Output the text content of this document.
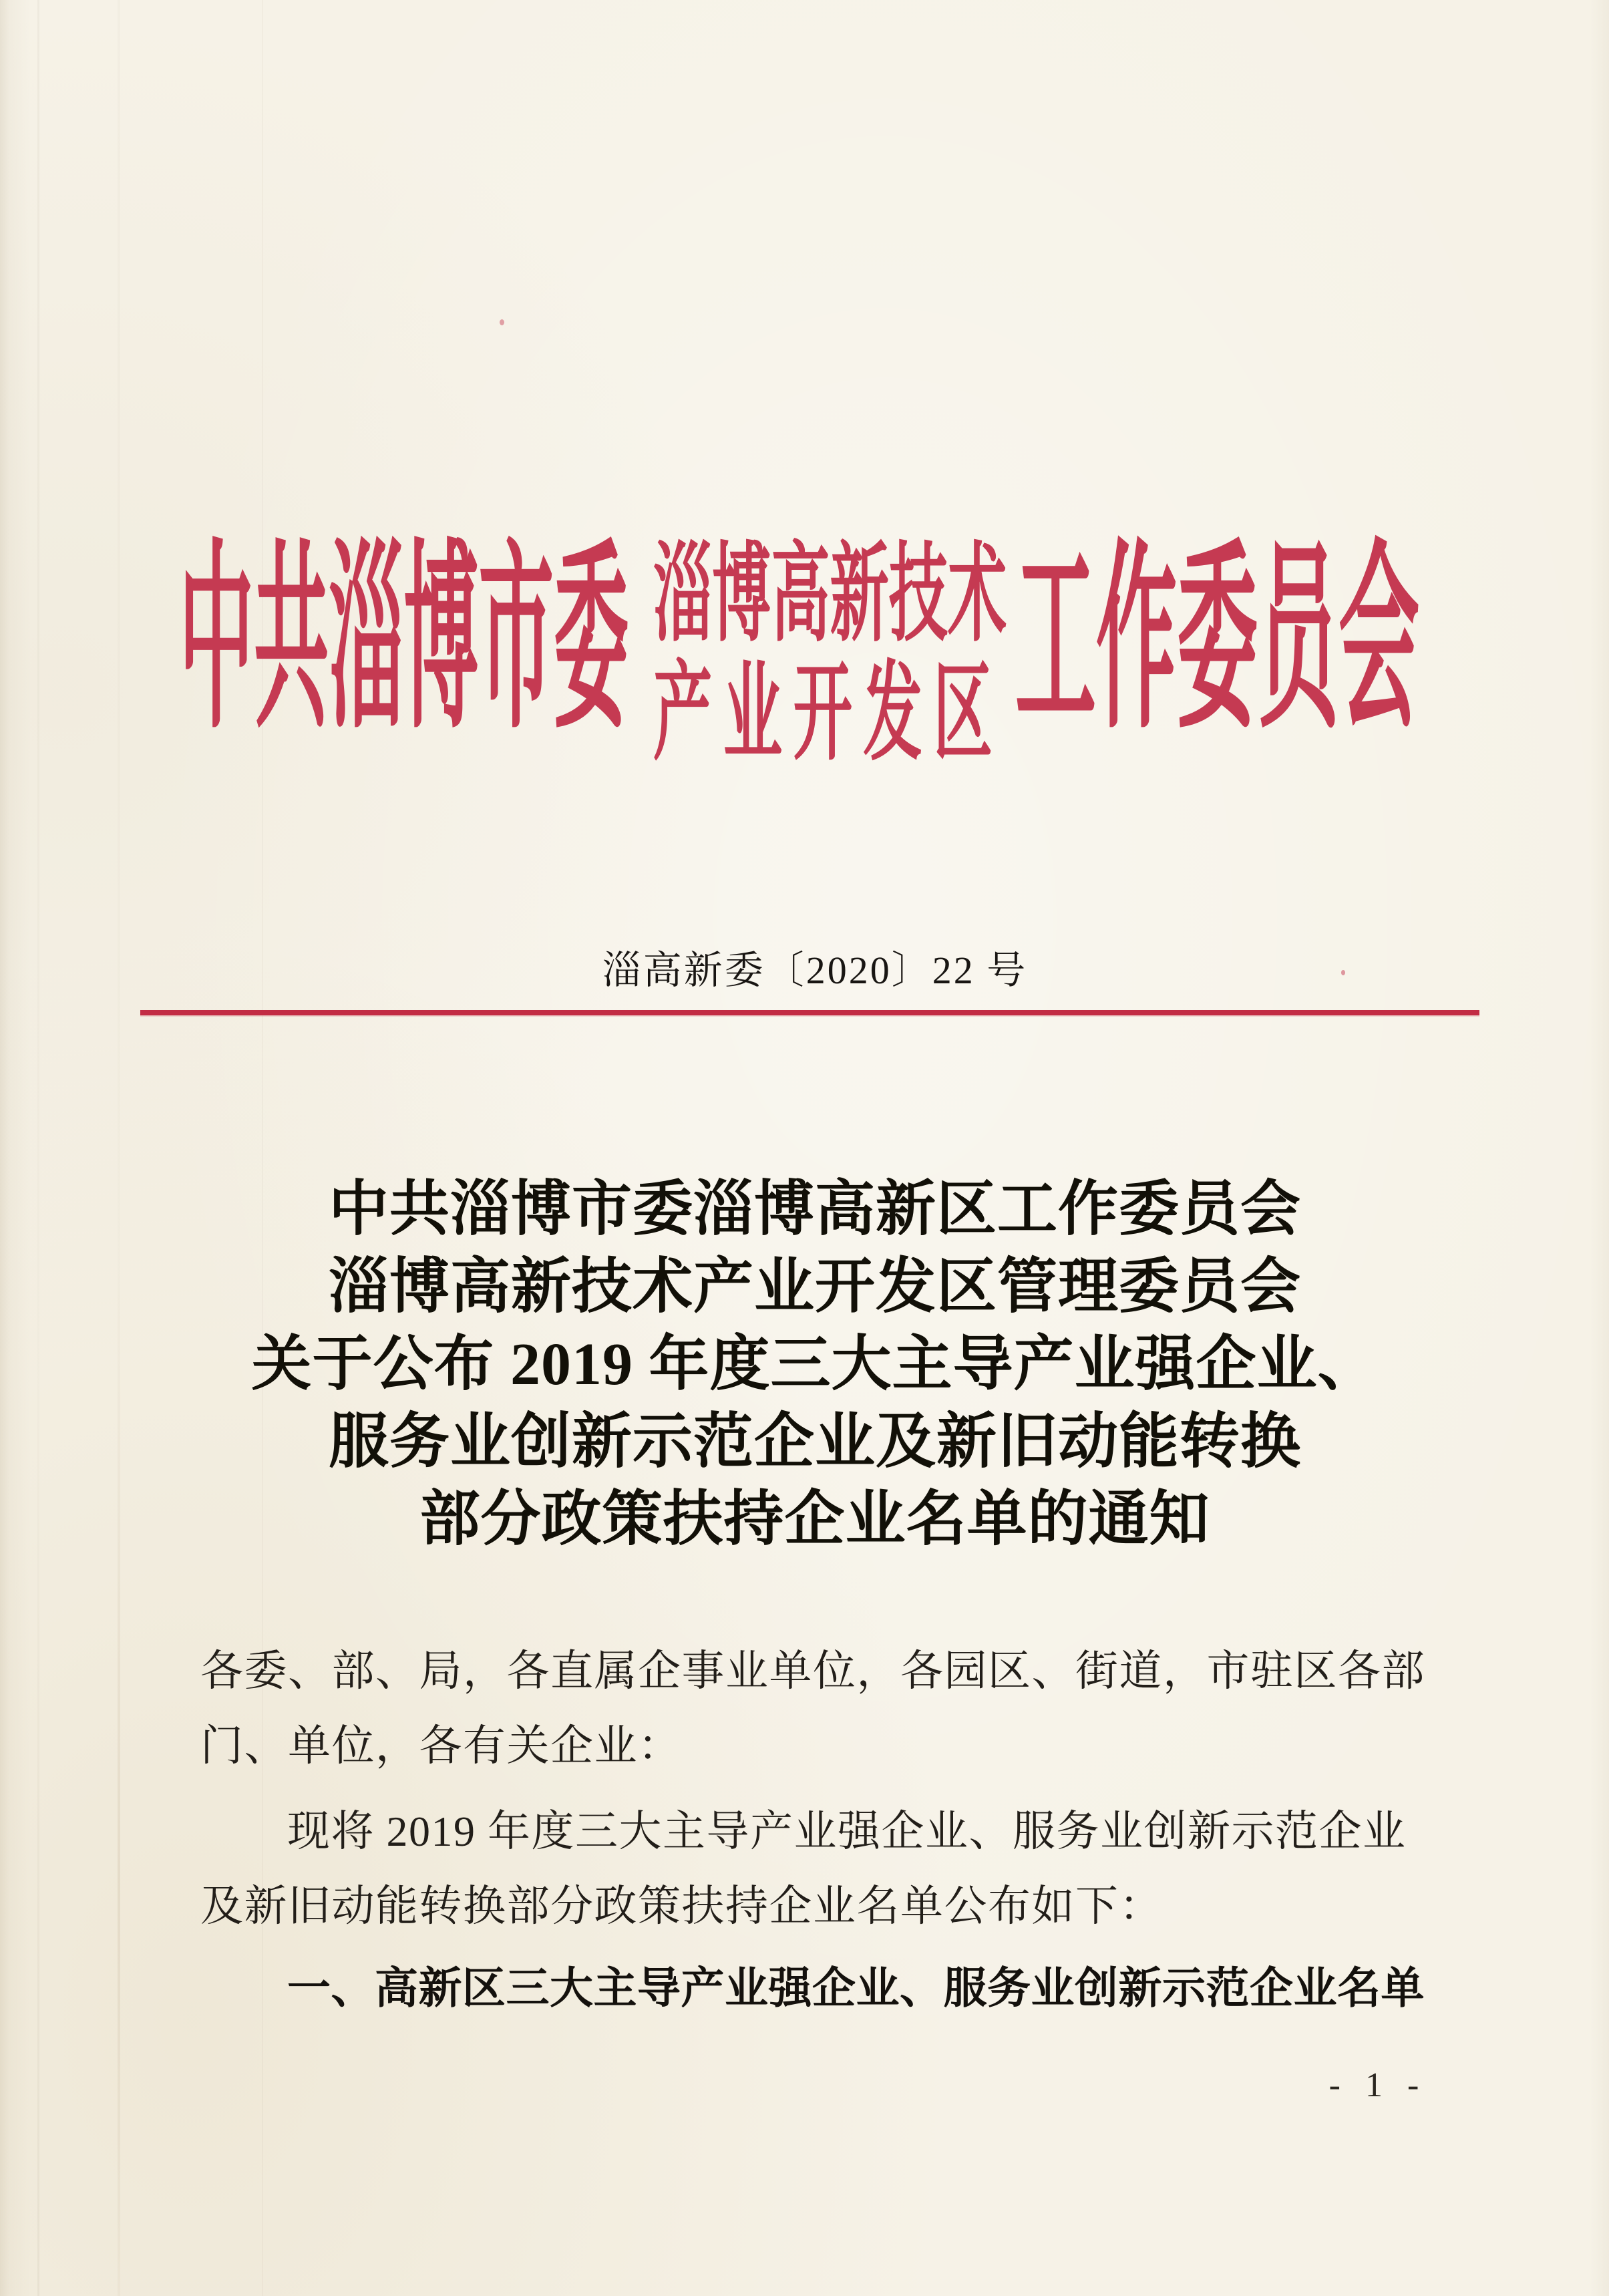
中共淄博市委 淄博高新技术
产业开发区 工作委员会
淄高新委〔2020〕22 号
中共淄博市委淄博高新区工作委员会
淄博高新技术产业开发区管理委员会
关于公布 2019 年度三大主导产业强企业、
服务业创新示范企业及新旧动能转换
部分政策扶持企业名单的通知
各委、部、局，各直属企事业单位，各园区、街道，市驻区各部
门、单位，各有关企业：
现将 2019 年度三大主导产业强企业、服务业创新示范企业
及新旧动能转换部分政策扶持企业名单公布如下：
一、高新区三大主导产业强企业、服务业创新示范企业名单
- 1 -
